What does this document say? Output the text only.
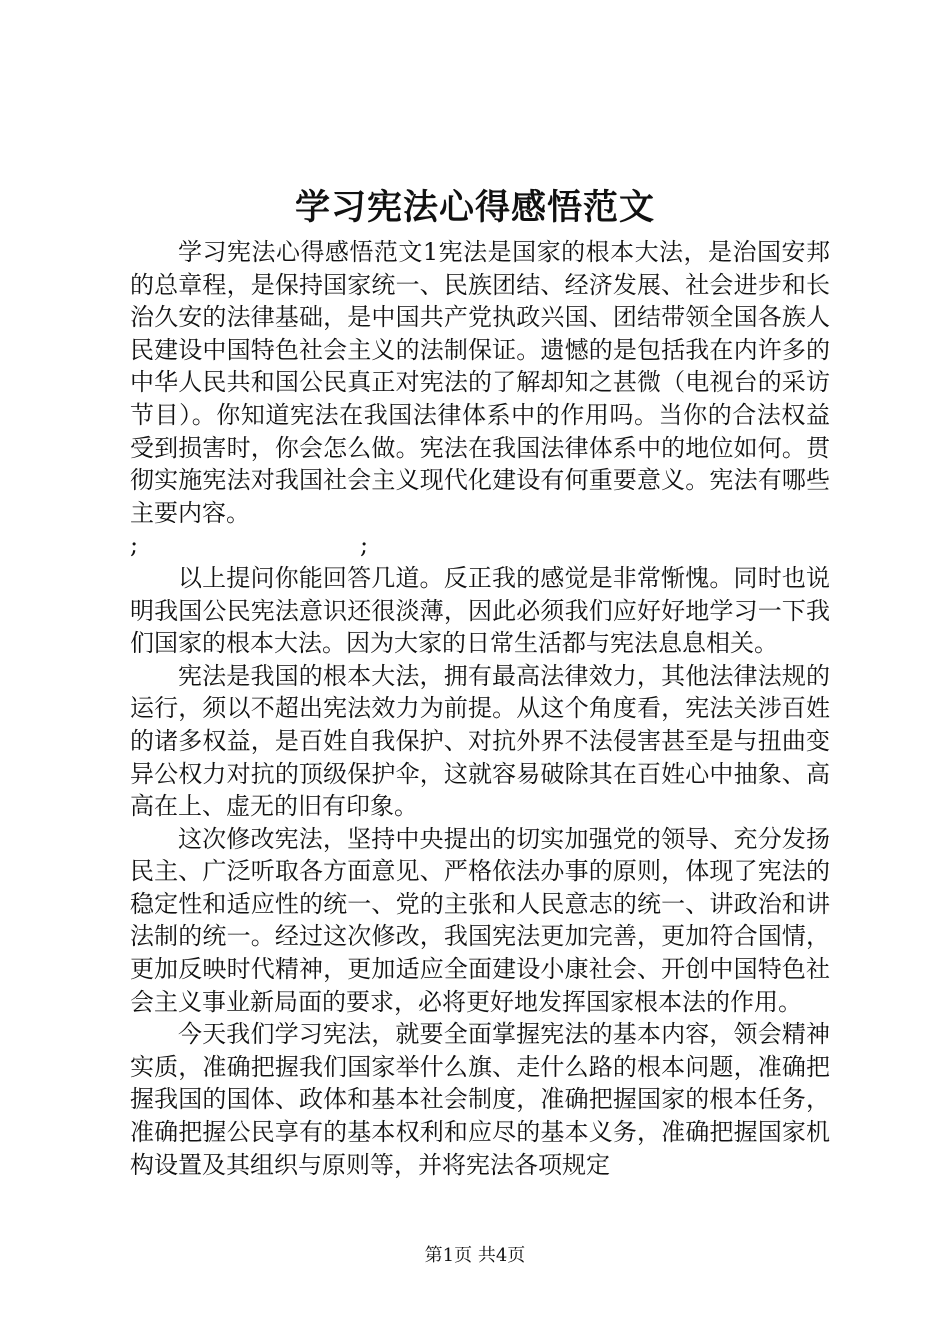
学习宪法心得感悟范文

学习宪法心得感悟范文1宪法是国家的根本大法，是治国安邦的总章程，是保持国家统一、民族团结、经济发展、社会进步和长治久安的法律基础，是中国共产党执政兴国、团结带领全国各族人民建设中国特色社会主义的法制保证。遗憾的是包括我在内许多的中华人民共和国公民真正对宪法的了解却知之甚微（电视台的采访节目）。你知道宪法在我国法律体系中的作用吗。当你的合法权益受到损害时，你会怎么做。宪法在我国法律体系中的地位如何。贯彻实施宪法对我国社会主义现代化建设有何重要意义。宪法有哪些主要内容。

;	;

以上提问你能回答几道。反正我的感觉是非常惭愧。同时也说明我国公民宪法意识还很淡薄，因此必须我们应好好地学习一下我们国家的根本大法。因为大家的日常生活都与宪法息息相关。

宪法是我国的根本大法，拥有最高法律效力，其他法律法规的运行，须以不超出宪法效力为前提。从这个角度看，宪法关涉百姓的诸多权益，是百姓自我保护、对抗外界不法侵害甚至是与扭曲变异公权力对抗的顶级保护伞，这就容易破除其在百姓心中抽象、高高在上、虚无的旧有印象。

这次修改宪法，坚持中央提出的切实加强党的领导、充分发扬民主、广泛听取各方面意见、严格依法办事的原则，体现了宪法的稳定性和适应性的统一、党的主张和人民意志的统一、讲政治和讲法制的统一。经过这次修改，我国宪法更加完善，更加符合国情，更加反映时代精神，更加适应全面建设小康社会、开创中国特色社会主义事业新局面的要求，必将更好地发挥国家根本法的作用。

今天我们学习宪法，就要全面掌握宪法的基本内容，领会精神实质，准确把握我们国家举什么旗、走什么路的根本问题，准确把握我国的国体、政体和基本社会制度，准确把握国家的根本任务，准确把握公民享有的基本权利和应尽的基本义务，准确把握国家机构设置及其组织与原则等，并将宪法各项规定

第1页 共4页
